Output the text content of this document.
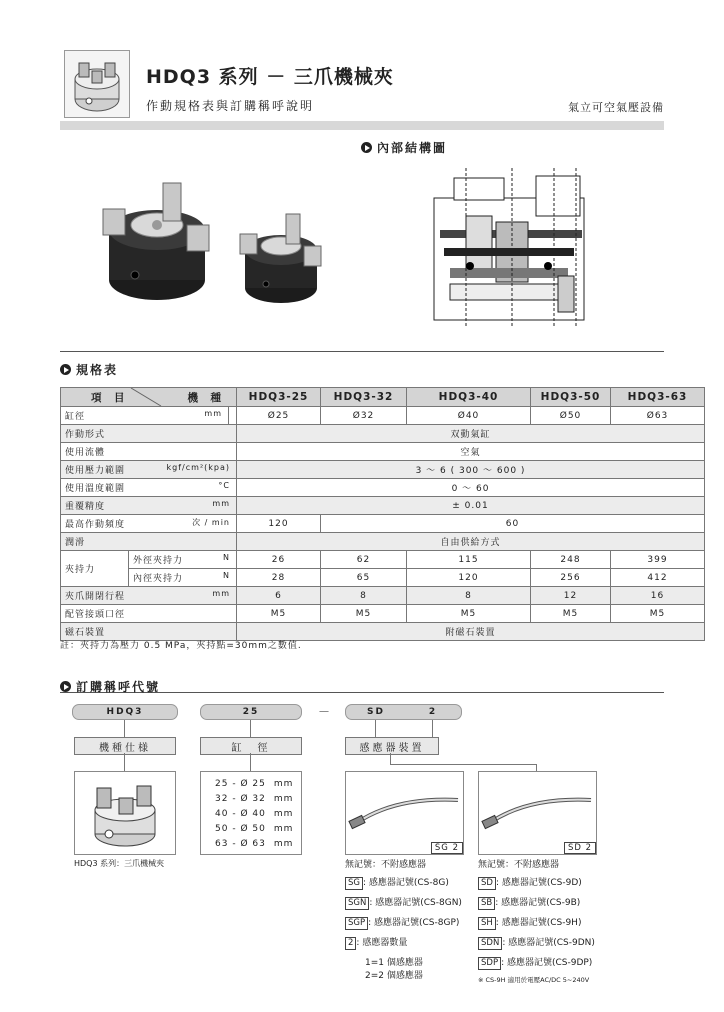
HDQ3 系列 － 三爪機械夾
作動規格表與訂購稱呼說明	氣立可空氣壓設備
內部結構圖
規格表
項　目 機　種			HDQ3-25	HDQ3-32	HDQ3-40	HDQ3-50	HDQ3-63
缸徑 mm			Ø25	Ø32	Ø40	Ø50	Ø63
作動形式			双動氣缸				
使用流體			空氣				
使用壓力範圍 kgf/cm²(kpa)			3 ～ 6 ( 300 ～ 600 )				
使用溫度範圍 °C			0 ～ 60				
重覆精度 mm			± 0.01				
最高作動頻度 次 / min			120	60			
潤滑			自由供給方式				
夾持力	外徑夾持力 N		26	62	115	248	399
	內徑夾持力 N		28	65	120	256	412
夾爪開閉行程 mm			6	8	8	12	16
配管接頭口徑			M5	M5	M5	M5	M5
磁石裝置			附磁石裝置				
註：夾持力為壓力 0.5 MPa，夾持點=30mm之數值.
訂購稱呼代號
HDQ3	25	－	SD	2
機種仕様	缸　徑	感應器裝置
HDQ3 系列：三爪機械夾
25 - Ø 25 mm
32 - Ø 32 mm
40 - Ø 40 mm
50 - Ø 50 mm
63 - Ø 63 mm	SG 2	SD 2
無記號：不附感應器
SG : 感應器記號(CS-8G)
SGN : 感應器記號(CS-8GN)
SGP : 感應器記號(CS-8GP)
2 : 感應器數量
1=1 個感應器
2=2 個感應器
無記號：不附感應器
SD : 感應器記號(CS-9D)
SB : 感應器記號(CS-9B)
SH : 感應器記號(CS-9H)
SDN : 感應器記號(CS-9DN)
SDP : 感應器記號(CS-9DP)
※ CS-9H 適用於電壓AC/DC 5~240V
